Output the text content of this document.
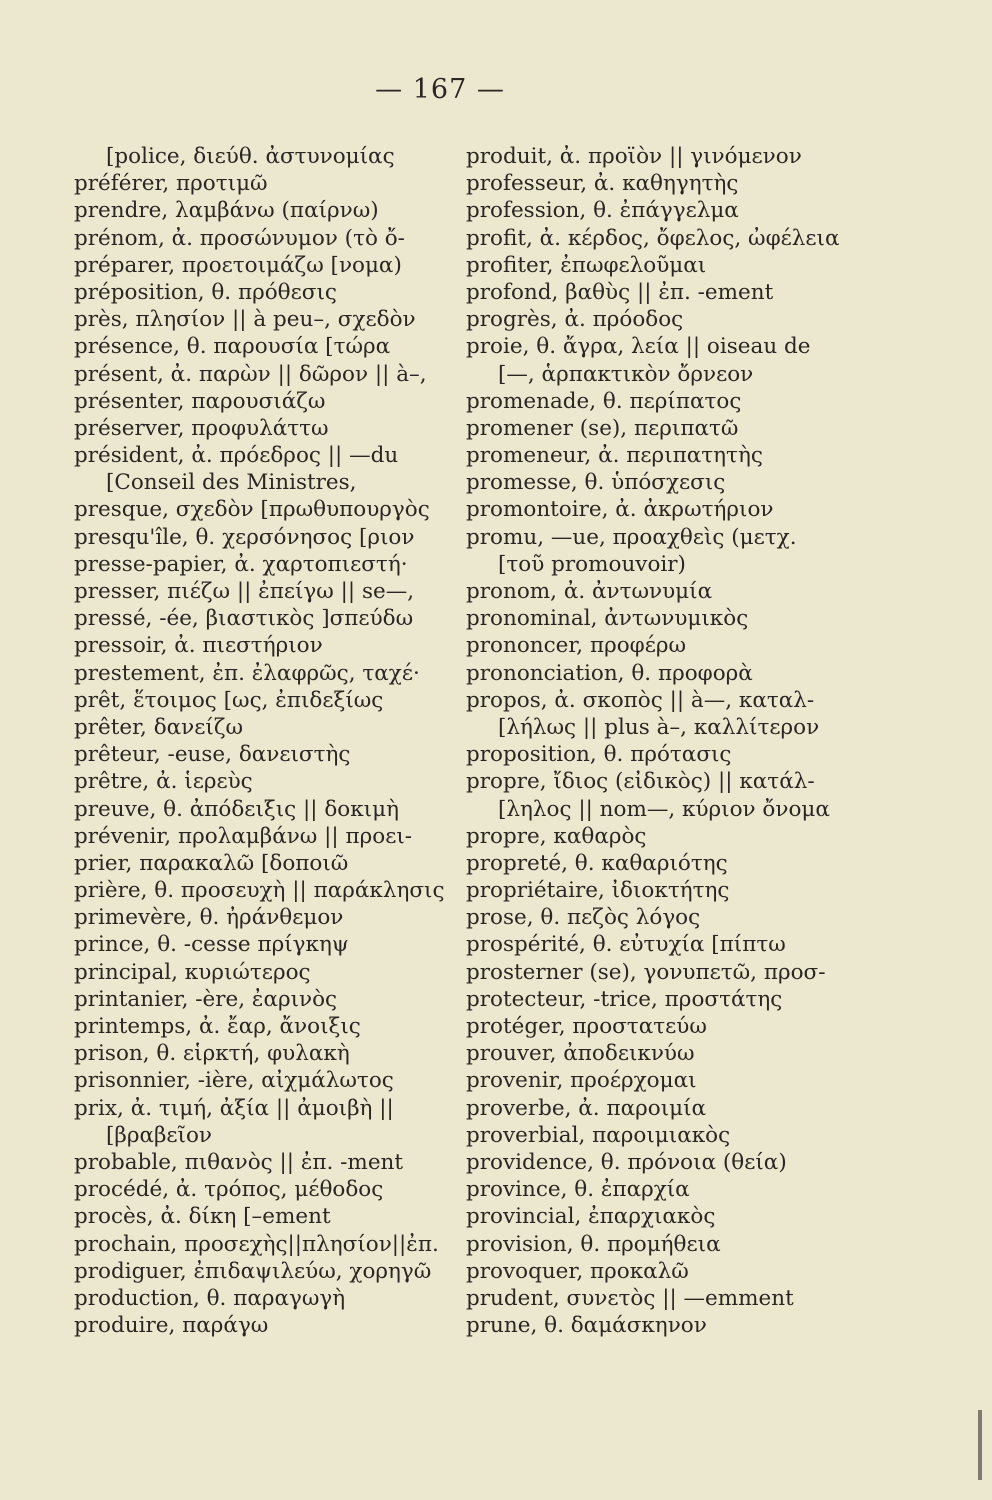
— 167 —
[police, διεύθ. ἀστυνομίας
préférer, προτιμῶ
prendre, λαμβάνω (παίρνω)
prénom, ἀ. προσώνυμον (τὸ ὄ-
préparer, προετοιμάζω [νομα)
préposition, θ. πρόθεσις
près, πλησίον || à peu–, σχεδὸν
présence, θ. παρουσία [τώρα
présent, ἀ. παρὼν || δῶρον || à–,
présenter, παρουσιάζω
préserver, προφυλάττω
président, ἀ. πρόεδρος || —du
[Conseil des Ministres,
presque, σχεδὸν [πρωθυπουργὸς
presqu'île, θ. χερσόνησος [ριον
presse-papier, ἀ. χαρτοπιεστή·
presser, πιέζω || ἐπείγω || se—,
pressé, -ée, βιαστικὸς ]σπεύδω
pressoir, ἀ. πιεστήριον
prestement, ἐπ. ἐλαφρῶς, ταχέ·
prêt, ἕτοιμος [ως, ἐπιδεξίως
prêter, δανείζω
prêteur, -euse, δανειστὴς
prêtre, ἀ. ἱερεὺς
preuve, θ. ἀπόδειξις || δοκιμὴ
prévenir, προλαμβάνω || προει-
prier, παρακαλῶ [δοποιῶ
prière, θ. προσευχὴ || παράκλησις
primevère, θ. ἠράνθεμον
prince, θ. -cesse πρίγκηψ
principal, κυριώτερος
printanier, -ère, ἐαρινὸς
printemps, ἀ. ἔαρ, ἄνοιξις
prison, θ. εἱρκτή, φυλακὴ
prisonnier, -ière, αἰχμάλωτος
prix, ἀ. τιμή, ἀξία || ἀμοιβὴ ||
[βραβεῖον
probable, πιθανὸς || ἐπ. -ment
procédé, ἀ. τρόπος, μέθοδος
procès, ἀ. δίκη [–ement
prochain, προσεχὴς||πλησίον||ἐπ.
prodiguer, ἐπιδαψιλεύω, χορηγῶ
production, θ. παραγωγὴ
produire, παράγω
produit, ἀ. προϊὸν || γινόμενον
professeur, ἀ. καθηγητὴς
profession, θ. ἐπάγγελμα
profit, ἀ. κέρδος, ὄφελος, ὠφέλεια
profiter, ἐπωφελοῦμαι
profond, βαθὺς || ἐπ. -ement
progrès, ἀ. πρόοδος
proie, θ. ἄγρα, λεία || oiseau de
[—, ἁρπακτικὸν ὄρνεον
promenade, θ. περίπατος
promener (se), περιπατῶ
promeneur, ἀ. περιπατητὴς
promesse, θ. ὑπόσχεσις
promontoire, ἀ. ἀκρωτήριον
promu, —ue, προαχθεὶς (μετχ.
[τοῦ promouvoir)
pronom, ἀ. ἀντωνυμία
pronominal, ἀντωνυμικὸς
prononcer, προφέρω
prononciation, θ. προφορὰ
propos, ἀ. σκοπὸς || à—, καταλ-
[λήλως || plus à–, καλλίτερον
proposition, θ. πρότασις
propre, ἴδιος (εἰδικὸς) || κατάλ-
[ληλος || nom—, κύριον ὄνομα
propre, καθαρὸς
propreté, θ. καθαριότης
propriétaire, ἰδιοκτήτης
prose, θ. πεζὸς λόγος
prospérité, θ. εὐτυχία [πίπτω
prosterner (se), γονυπετῶ, προσ-
protecteur, -trice, προστάτης
protéger, προστατεύω
prouver, ἀποδεικνύω
provenir, προέρχομαι
proverbe, ἀ. παροιμία
proverbial, παροιμιακὸς
providence, θ. πρόνοια (θεία)
province, θ. ἐπαρχία
provincial, ἐπαρχιακὸς
provision, θ. προμήθεια
provoquer, προκαλῶ
prudent, συνετὸς || —emment
prune, θ. δαμάσκηνον
